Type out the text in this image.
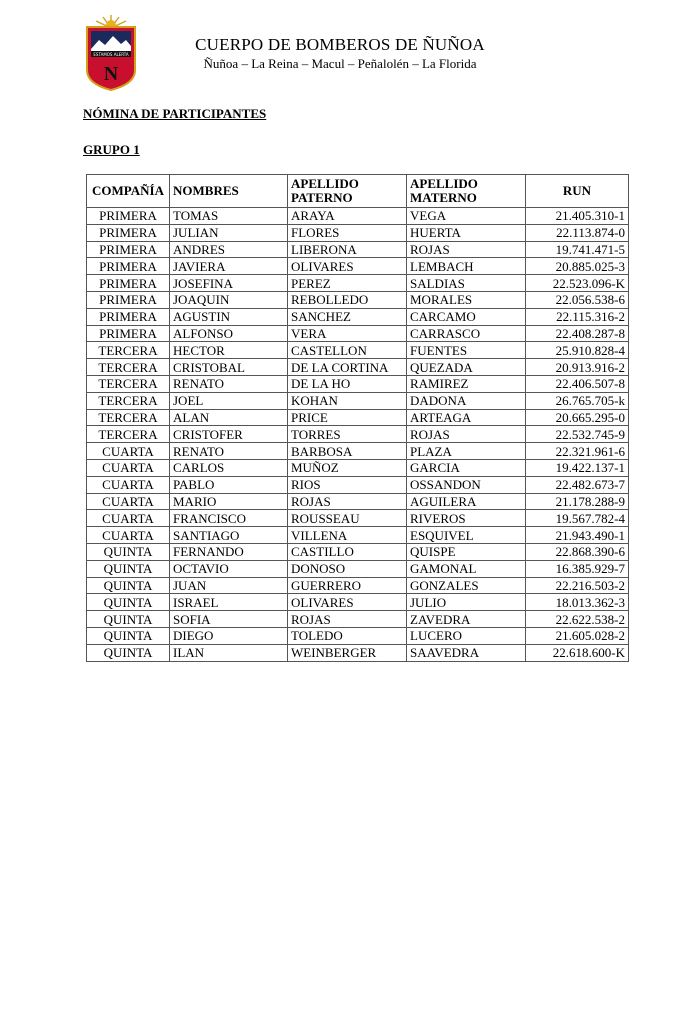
ESTAMOS ALERTA
N
CUERPO DE BOMBEROS DE ÑUÑOA
Ñuñoa – La Reina – Macul – Peñalolén – La Florida
NÓMINA DE PARTICIPANTES
GRUPO 1
COMPAÑÍA	NOMBRES	APELLIDO PATERNO	APELLIDO MATERNO	RUN
PRIMERA	TOMAS	ARAYA	VEGA	21.405.310-1
PRIMERA	JULIAN	FLORES	HUERTA	22.113.874-0
PRIMERA	ANDRES	LIBERONA	ROJAS	19.741.471-5
PRIMERA	JAVIERA	OLIVARES	LEMBACH	20.885.025-3
PRIMERA	JOSEFINA	PEREZ	SALDIAS	22.523.096-K
PRIMERA	JOAQUIN	REBOLLEDO	MORALES	22.056.538-6
PRIMERA	AGUSTIN	SANCHEZ	CARCAMO	22.115.316-2
PRIMERA	ALFONSO	VERA	CARRASCO	22.408.287-8
TERCERA	HECTOR	CASTELLON	FUENTES	25.910.828-4
TERCERA	CRISTOBAL	DE LA CORTINA	QUEZADA	20.913.916-2
TERCERA	RENATO	DE LA HO	RAMIREZ	22.406.507-8
TERCERA	JOEL	KOHAN	DADONA	26.765.705-k
TERCERA	ALAN	PRICE	ARTEAGA	20.665.295-0
TERCERA	CRISTOFER	TORRES	ROJAS	22.532.745-9
CUARTA	RENATO	BARBOSA	PLAZA	22.321.961-6
CUARTA	CARLOS	MUÑOZ	GARCIA	19.422.137-1
CUARTA	PABLO	RIOS	OSSANDON	22.482.673-7
CUARTA	MARIO	ROJAS	AGUILERA	21.178.288-9
CUARTA	FRANCISCO	ROUSSEAU	RIVEROS	19.567.782-4
CUARTA	SANTIAGO	VILLENA	ESQUIVEL	21.943.490-1
QUINTA	FERNANDO	CASTILLO	QUISPE	22.868.390-6
QUINTA	OCTAVIO	DONOSO	GAMONAL	16.385.929-7
QUINTA	JUAN	GUERRERO	GONZALES	22.216.503-2
QUINTA	ISRAEL	OLIVARES	JULIO	18.013.362-3
QUINTA	SOFIA	ROJAS	ZAVEDRA	22.622.538-2
QUINTA	DIEGO	TOLEDO	LUCERO	21.605.028-2
QUINTA	ILAN	WEINBERGER	SAAVEDRA	22.618.600-K
